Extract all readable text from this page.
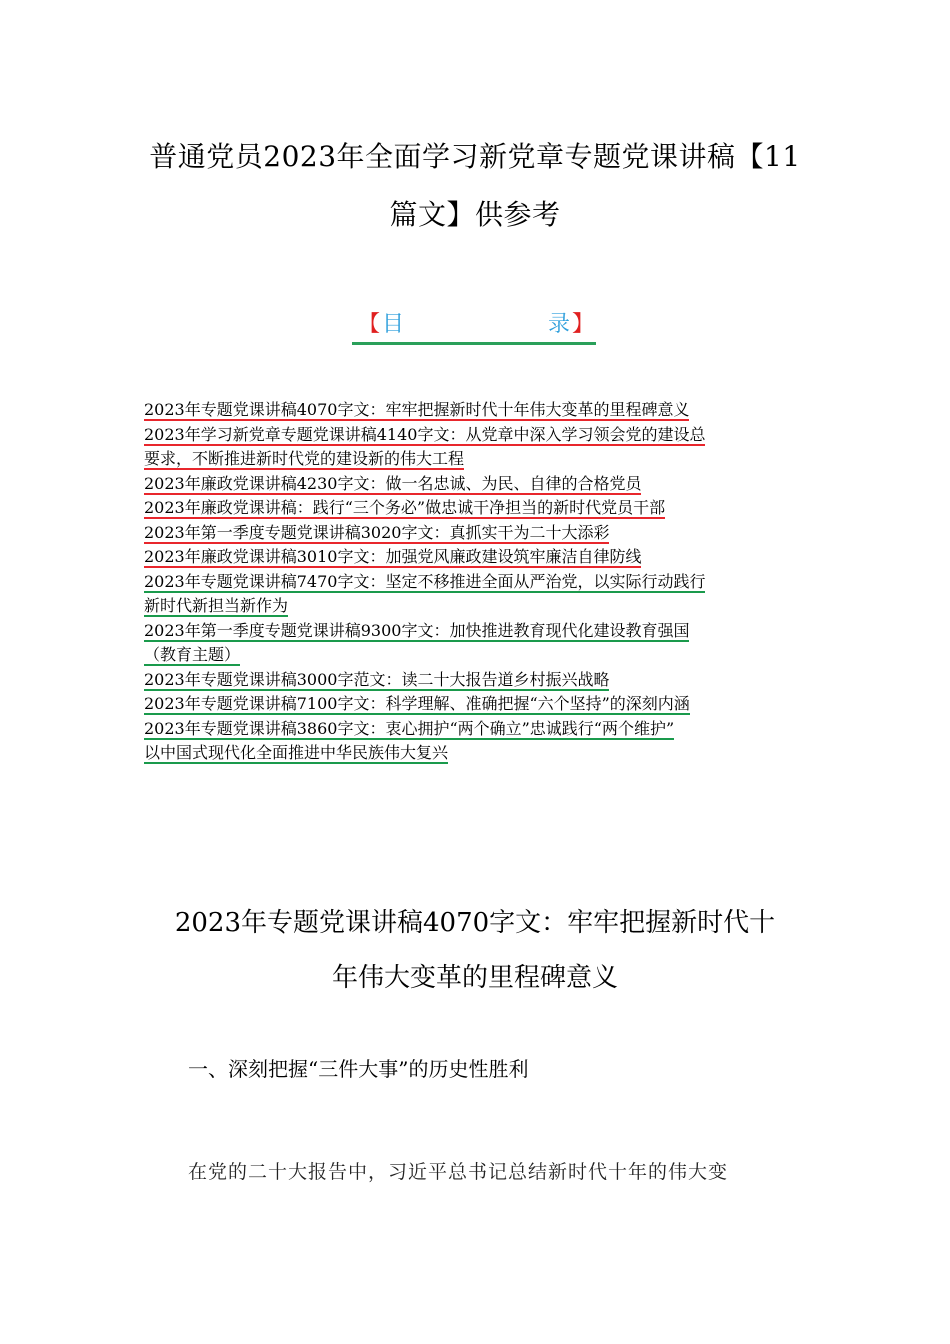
普通党员2023年全面学习新党章专题党课讲稿【11
篇文】供参考
【 目	录 】
2023年专题党课讲稿4070字文：牢牢把握新时代十年伟大变革的里程碑意义
2023年学习新党章专题党课讲稿4140字文：从党章中深入学习领会党的建设总
要求，不断推进新时代党的建设新的伟大工程
2023年廉政党课讲稿4230字文：做一名忠诚、为民、自律的合格党员
2023年廉政党课讲稿：践行“三个务必”做忠诚干净担当的新时代党员干部
2023年第一季度专题党课讲稿3020字文：真抓实干为二十大添彩
2023年廉政党课讲稿3010字文：加强党风廉政建设筑牢廉洁自律防线
2023年专题党课讲稿7470字文：坚定不移推进全面从严治党，以实际行动践行
新时代新担当新作为
2023年第一季度专题党课讲稿9300字文：加快推进教育现代化建设教育强国
（教育主题）
2023年专题党课讲稿3000字范文：读二十大报告道乡村振兴战略
2023年专题党课讲稿7100字文：科学理解、准确把握“六个坚持”的深刻内涵
2023年专题党课讲稿3860字文：衷心拥护“两个确立”忠诚践行“两个维护”
以中国式现代化全面推进中华民族伟大复兴
2023年专题党课讲稿4070字文：牢牢把握新时代十
年伟大变革的里程碑意义
一、深刻把握“三件大事”的历史性胜利
在党的二十大报告中，习近平总书记总结新时代十年的伟大变
